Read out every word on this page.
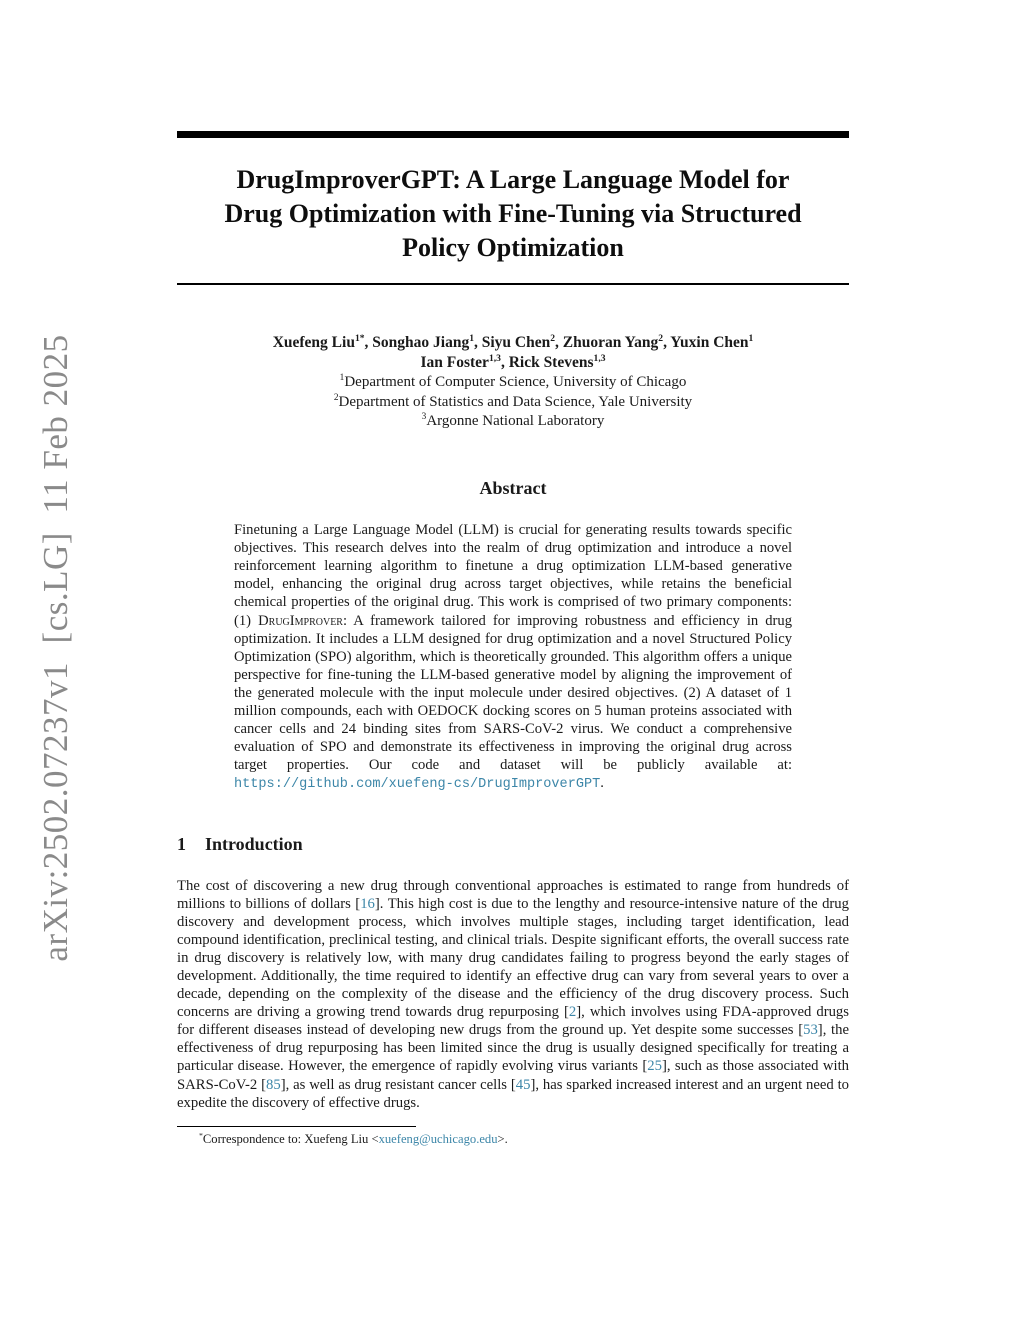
arXiv:2502.07237v1  [cs.LG]  11 Feb 2025
DrugImproverGPT: A Large Language Model for
Drug Optimization with Fine-Tuning via Structured
Policy Optimization
Xuefeng Liu$^{1*}$, Songhao Jiang$^1$, Siyu Chen$^2$, Zhuoran Yang$^2$, Yuxin Chen$^1$
Ian Foster$^{1,3}$, Rick Stevens$^{1,3}$
$^1$Department of Computer Science, University of Chicago
$^2$Department of Statistics and Data Science, Yale University
$^3$Argonne National Laboratory
Abstract

Finetuning a Large Language Model (LLM) is crucial for generating results towards specific objectives. This research delves into the realm of drug optimization and introduce a novel reinforcement learning algorithm to finetune a drug optimization LLM-based generative model, enhancing the original drug across target objectives, while retains the beneficial chemical properties of the original drug. This work is comprised of two primary components: (1) DrugImprover: A framework tailored for improving robustness and efficiency in drug optimization. It includes a LLM designed for drug optimization and a novel Structured Policy Optimization (SPO) algorithm, which is theoretically grounded. This algorithm offers a unique perspective for fine-tuning the LLM-based generative model by aligning the improvement of the generated molecule with the input molecule under desired objectives. (2) A dataset of 1 million compounds, each with OEDOCK docking scores on 5 human proteins associated with cancer cells and 24 binding sites from SARS-CoV-2 virus. We conduct a comprehensive evaluation of SPO and demonstrate its effectiveness in improving the original drug across target properties. Our code and dataset will be publicly available at: https://github.com/xuefeng-cs/DrugImproverGPT.

1 Introduction

The cost of discovering a new drug through conventional approaches is estimated to range from hundreds of millions to billions of dollars [16]. This high cost is due to the lengthy and resource-intensive nature of the drug discovery and development process, which involves multiple stages, including target identification, lead compound identification, preclinical testing, and clinical trials. Despite significant efforts, the overall success rate in drug discovery is relatively low, with many drug candidates failing to progress beyond the early stages of development. Additionally, the time required to identify an effective drug can vary from several years to over a decade, depending on the complexity of the disease and the efficiency of the drug discovery process. Such concerns are driving a growing trend towards drug repurposing [2], which involves using FDA-approved drugs for different diseases instead of developing new drugs from the ground up. Yet despite some successes [53], the effectiveness of drug repurposing has been limited since the drug is usually designed specifically for treating a particular disease. However, the emergence of rapidly evolving virus variants [25], such as those associated with SARS-CoV-2 [85], as well as drug resistant cancer cells [45], has sparked increased interest and an urgent need to expedite the discovery of effective drugs.

*Correspondence to: Xuefeng Liu <xuefeng@uchicago.edu>.
